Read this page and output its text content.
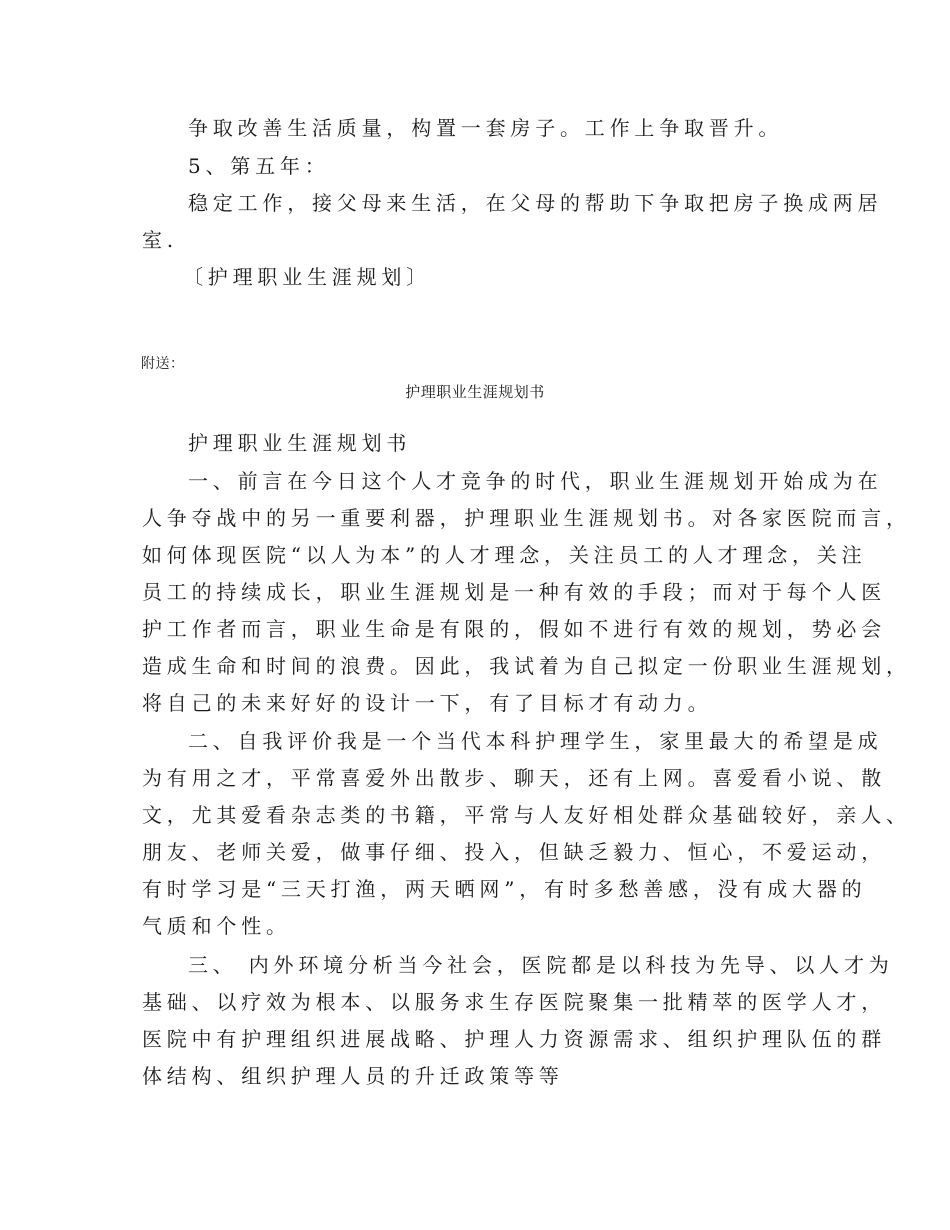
争取改善生活质量，构置一套房子。工作上争取晋升。
5、第五年：
稳定工作，接父母来生活，在父母的帮助下争取把房子换成两居
室.
〔护理职业生涯规划〕
附送：
护理职业生涯规划书
护理职业生涯规划书
一、前言在今日这个人才竞争的时代，职业生涯规划开始成为在
人争夺战中的另一重要利器，护理职业生涯规划书。对各家医院而言，
如何体现医院“以人为本”的人才理念，关注员工的人才理念，关注
员工的持续成长，职业生涯规划是一种有效的手段；而对于每个人医
护工作者而言，职业生命是有限的，假如不进行有效的规划，势必会
造成生命和时间的浪费。因此，我试着为自己拟定一份职业生涯规划，
将自己的未来好好的设计一下，有了目标才有动力。
二、自我评价我是一个当代本科护理学生，家里最大的希望是成
为有用之才，平常喜爱外出散步、聊天，还有上网。喜爱看小说、散
文，尤其爱看杂志类的书籍，平常与人友好相处群众基础较好，亲人、
朋友、老师关爱，做事仔细、投入，但缺乏毅力、恒心，不爱运动，
有时学习是“三天打渔，两天晒网”，有时多愁善感，没有成大器的
气质和个性。
三、 内外环境分析当今社会，医院都是以科技为先导、以人才为
基础、以疗效为根本、以服务求生存医院聚集一批精萃的医学人才，
医院中有护理组织进展战略、护理人力资源需求、组织护理队伍的群
体结构、组织护理人员的升迁政策等等
